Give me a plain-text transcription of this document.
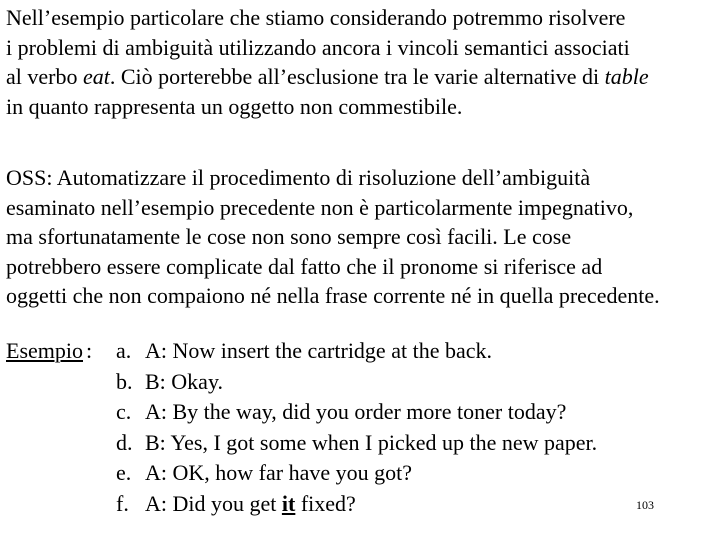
Nell’esempio particolare che stiamo considerando potremmo risolvere
i problemi di ambiguità utilizzando ancora i vincoli semantici associati
al verbo eat. Ciò porterebbe all’esclusione tra le varie alternative di table
in quanto rappresenta un oggetto non commestibile.

OSS: Automatizzare il procedimento di risoluzione dell’ambiguità
esaminato nell’esempio precedente non è particolarmente impegnativo,
ma sfortunatamente le cose non sono sempre così facili. Le cose
potrebbero essere complicate dal fatto che il pronome si riferisce ad
oggetti che non compaiono né nella frase corrente né in quella precedente.

Esempio : a. A: Now insert the cartridge at the back.
b. B: Okay.
c. A: By the way, did you order more toner today?
d. B: Yes, I got some when I picked up the new paper.
e. A: OK, how far have you got?
f. A: Did you get it fixed?	103
